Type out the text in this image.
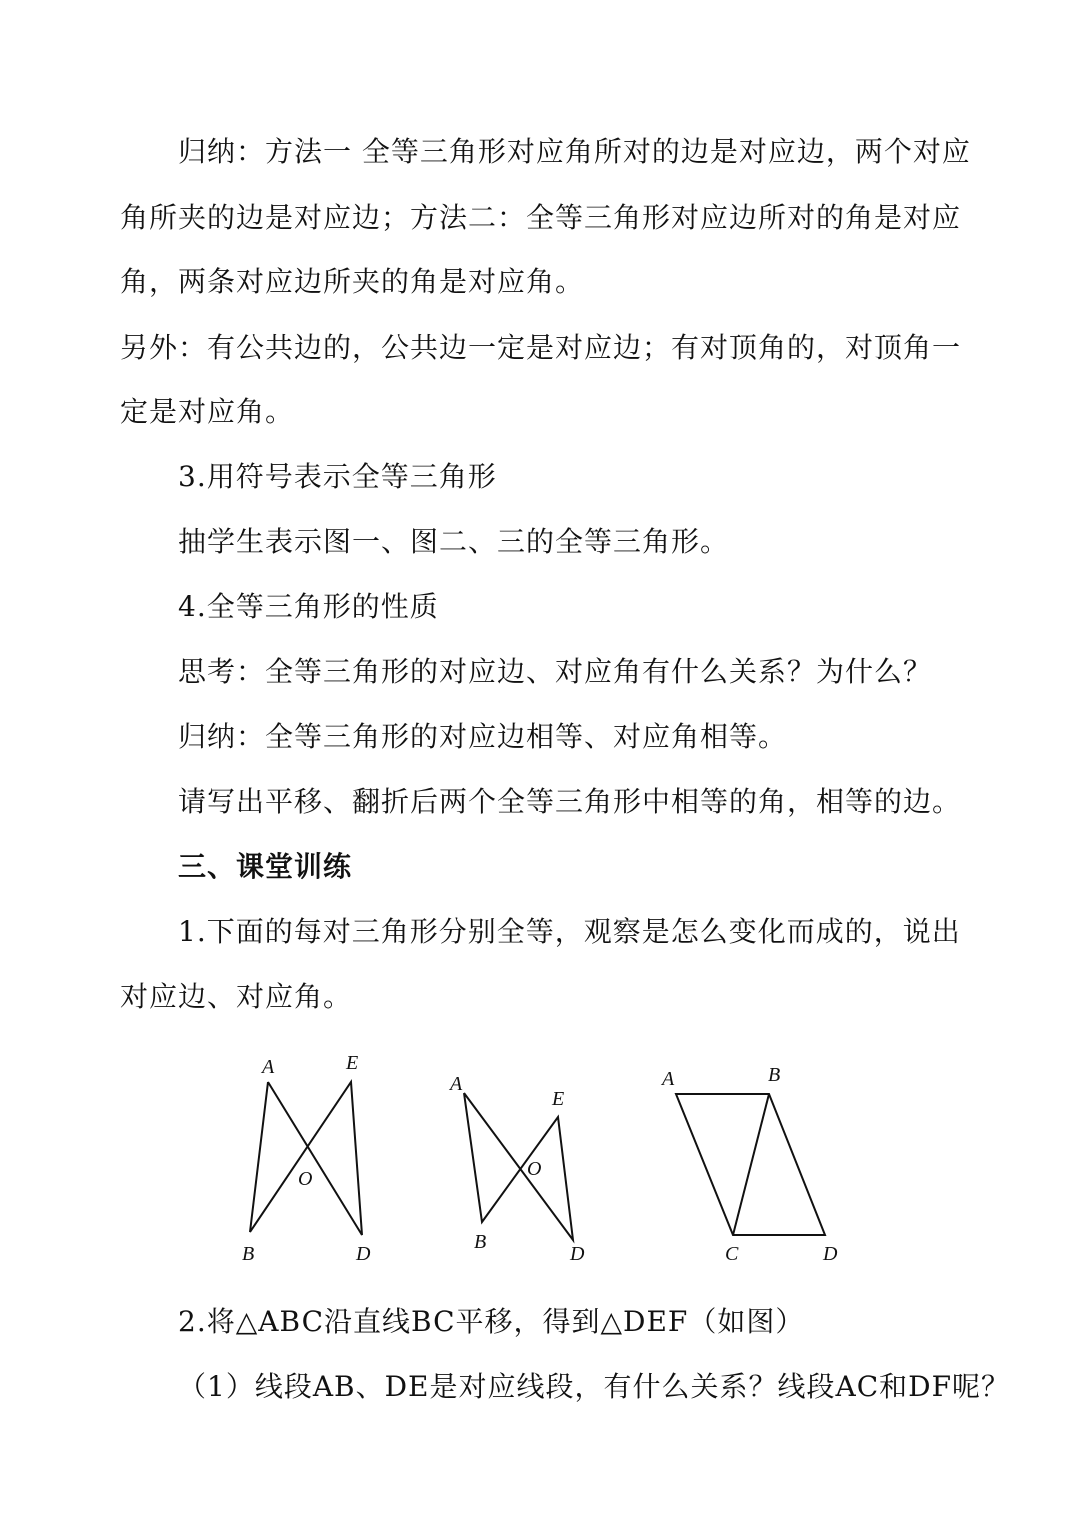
归纳：方法一 全等三角形对应角所对的边是对应边，两个对应
角所夹的边是对应边；方法二：全等三角形对应边所对的角是对应
角，两条对应边所夹的角是对应角。
另外：有公共边的，公共边一定是对应边；有对顶角的，对顶角一
定是对应角。
3.用符号表示全等三角形
抽学生表示图一、图二、三的全等三角形。
4.全等三角形的性质
思考：全等三角形的对应边、对应角有什么关系？为什么？
归纳：全等三角形的对应边相等、对应角相等。
请写出平移、翻折后两个全等三角形中相等的角，相等的边。
三、课堂训练
1.下面的每对三角形分别全等，观察是怎么变化而成的，说出
对应边、对应角。
A	E
O
B	D
A
E
O
B
D
A	B
C	D
2.将△ABC沿直线BC平移，得到△DEF（如图）
（1）线段AB、DE是对应线段，有什么关系？线段AC和DF呢？
